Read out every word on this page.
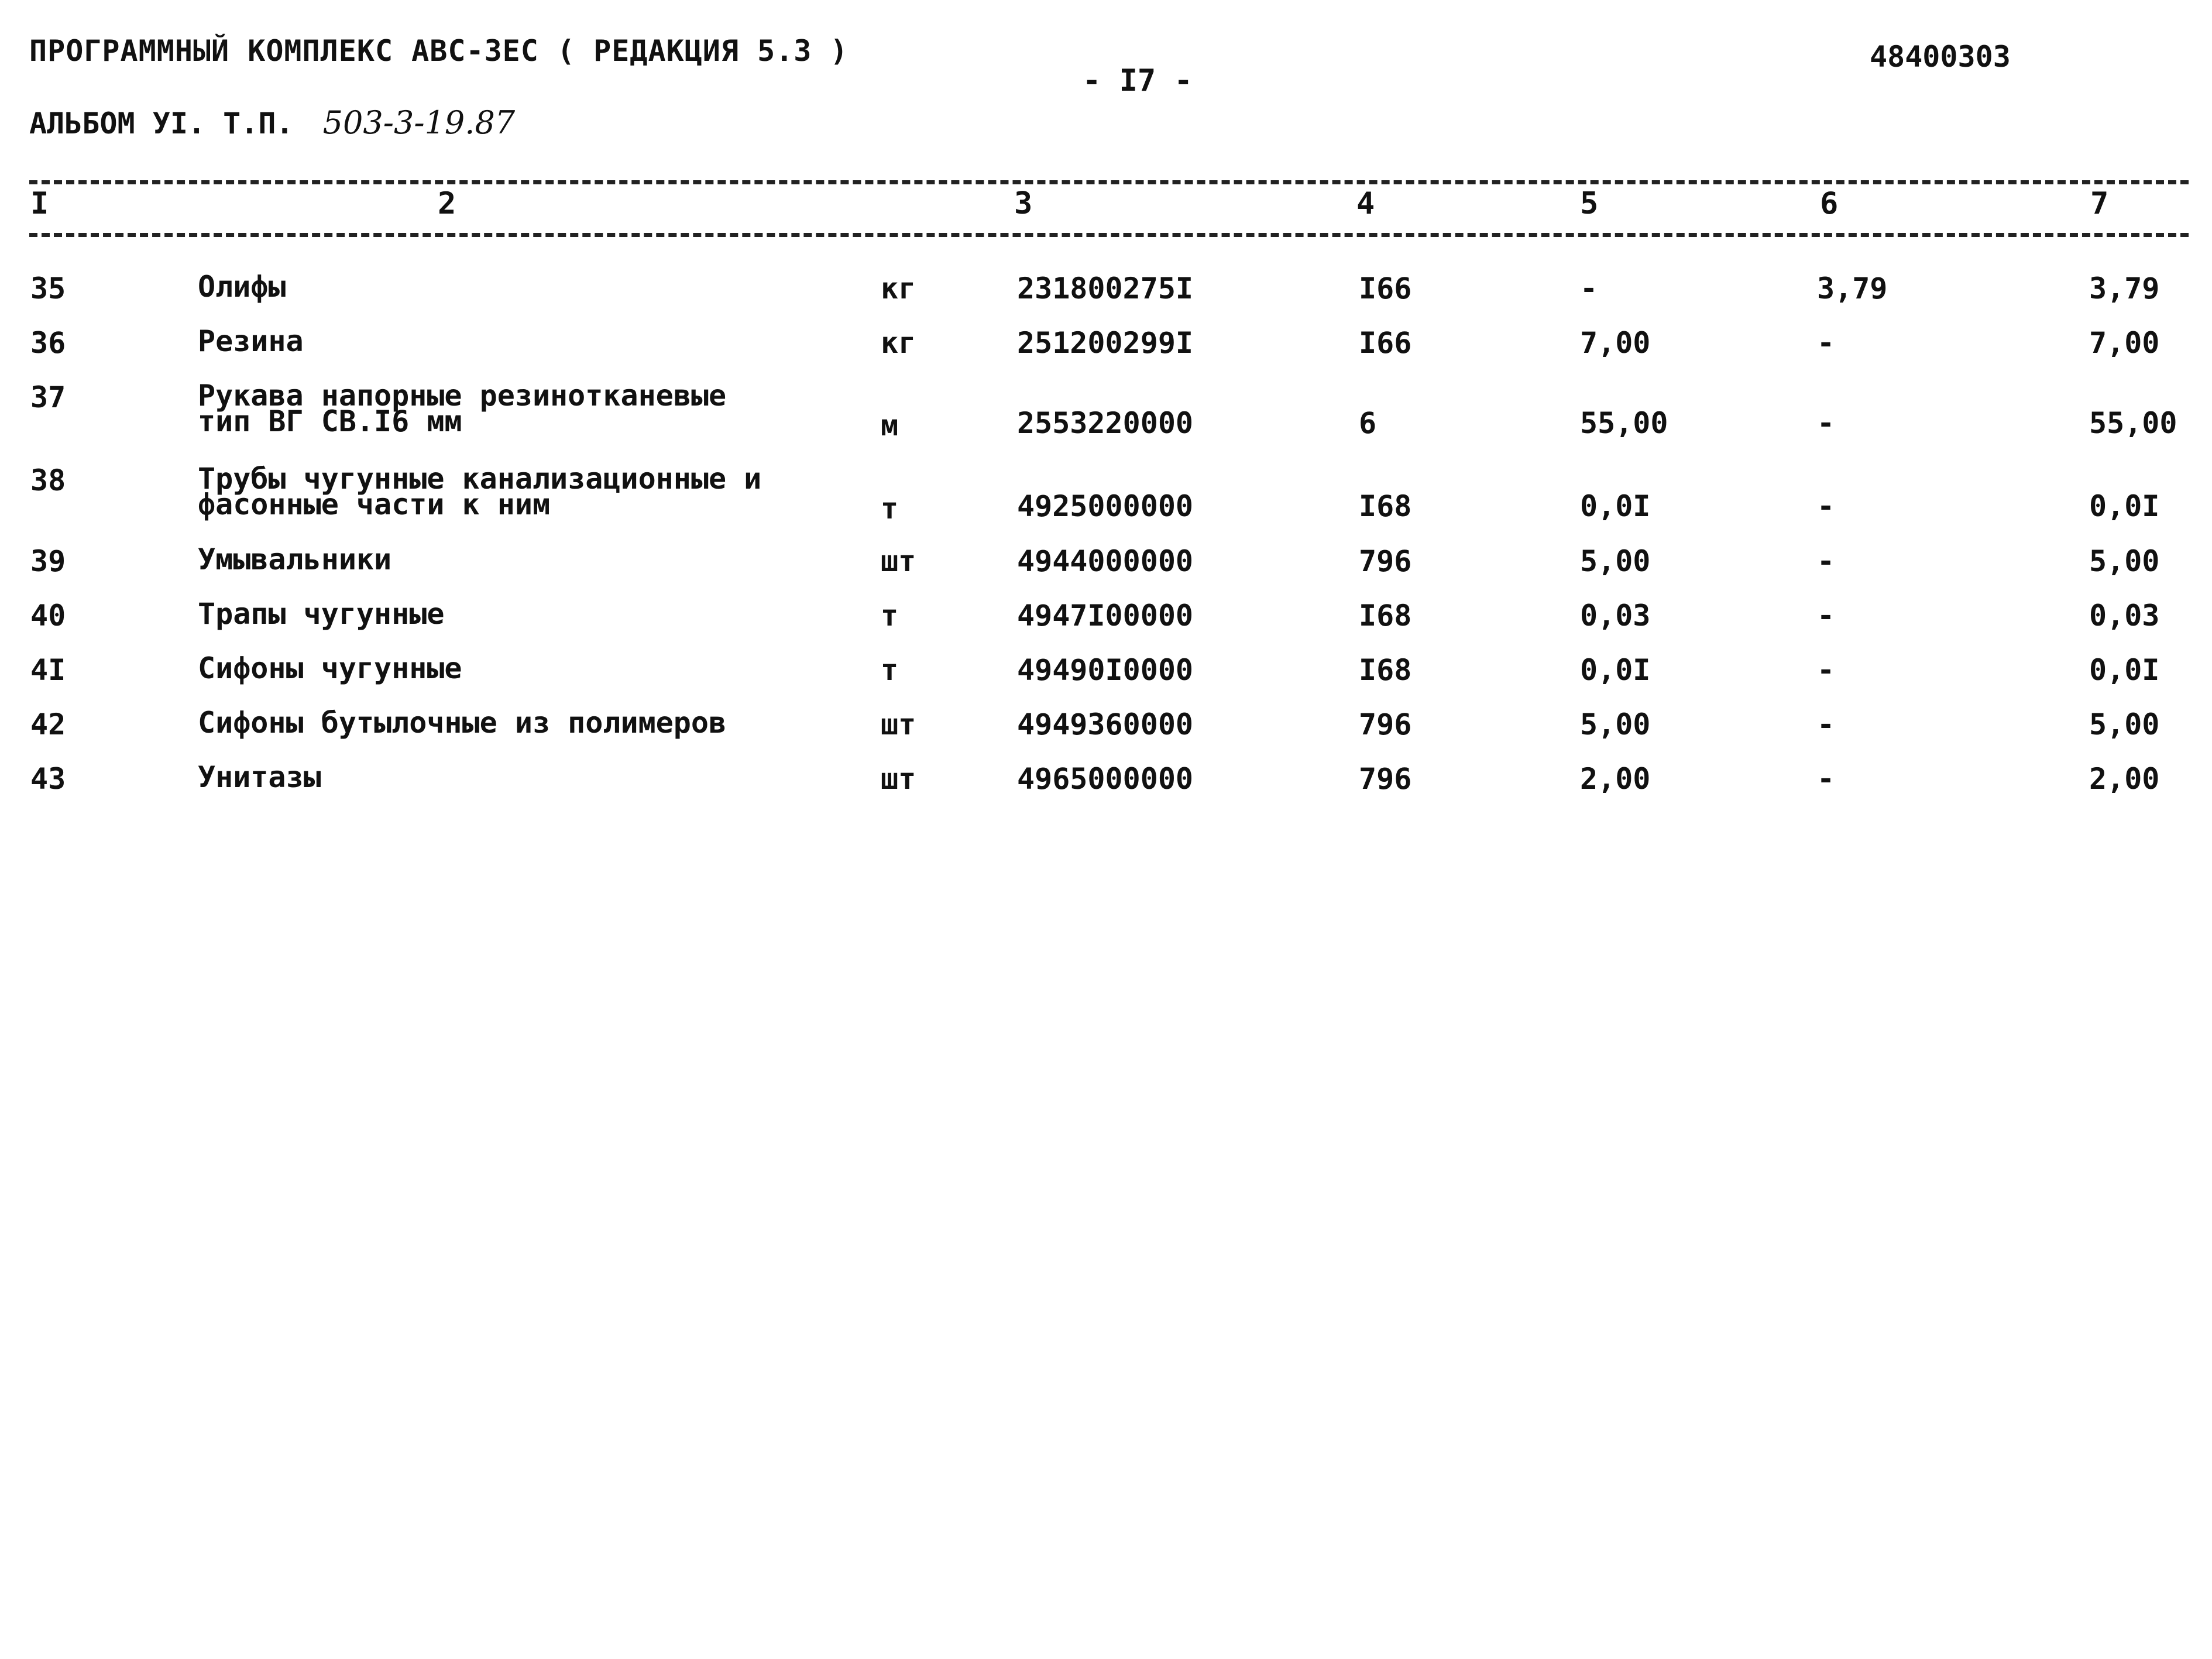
ПРОГРАММНЫЙ КОМПЛЕКС АВС-ЗЕС ( РЕДАКЦИЯ 5.3 )
АЛЬБОМ УI. Т.П. 503-3-19.87
- I7 -
48400303
I	2	3	4	5	6	7
35	Олифы	кг	231800275I	I66	-	3,79	3,79
36	Резина	кг	251200299I	I66	7,00	-	7,00
37	Рукава напорные резинотканевые
тип ВГ СВ.I6 мм	м	2553220000	6	55,00	-	55,00
38	Трубы чугунные канализационные и
фасонные части к ним	т	4925000000	I68	0,0I	-	0,0I
39	Умывальники	шт	4944000000	796	5,00	-	5,00
40	Трапы чугунные	т	4947I00000	I68	0,03	-	0,03
4I	Сифоны чугунные	т	49490I0000	I68	0,0I	-	0,0I
42	Сифоны бутылочные из полимеров	шт	4949360000	796	5,00	-	5,00
43	Унитазы	шт	4965000000	796	2,00	-	2,00
